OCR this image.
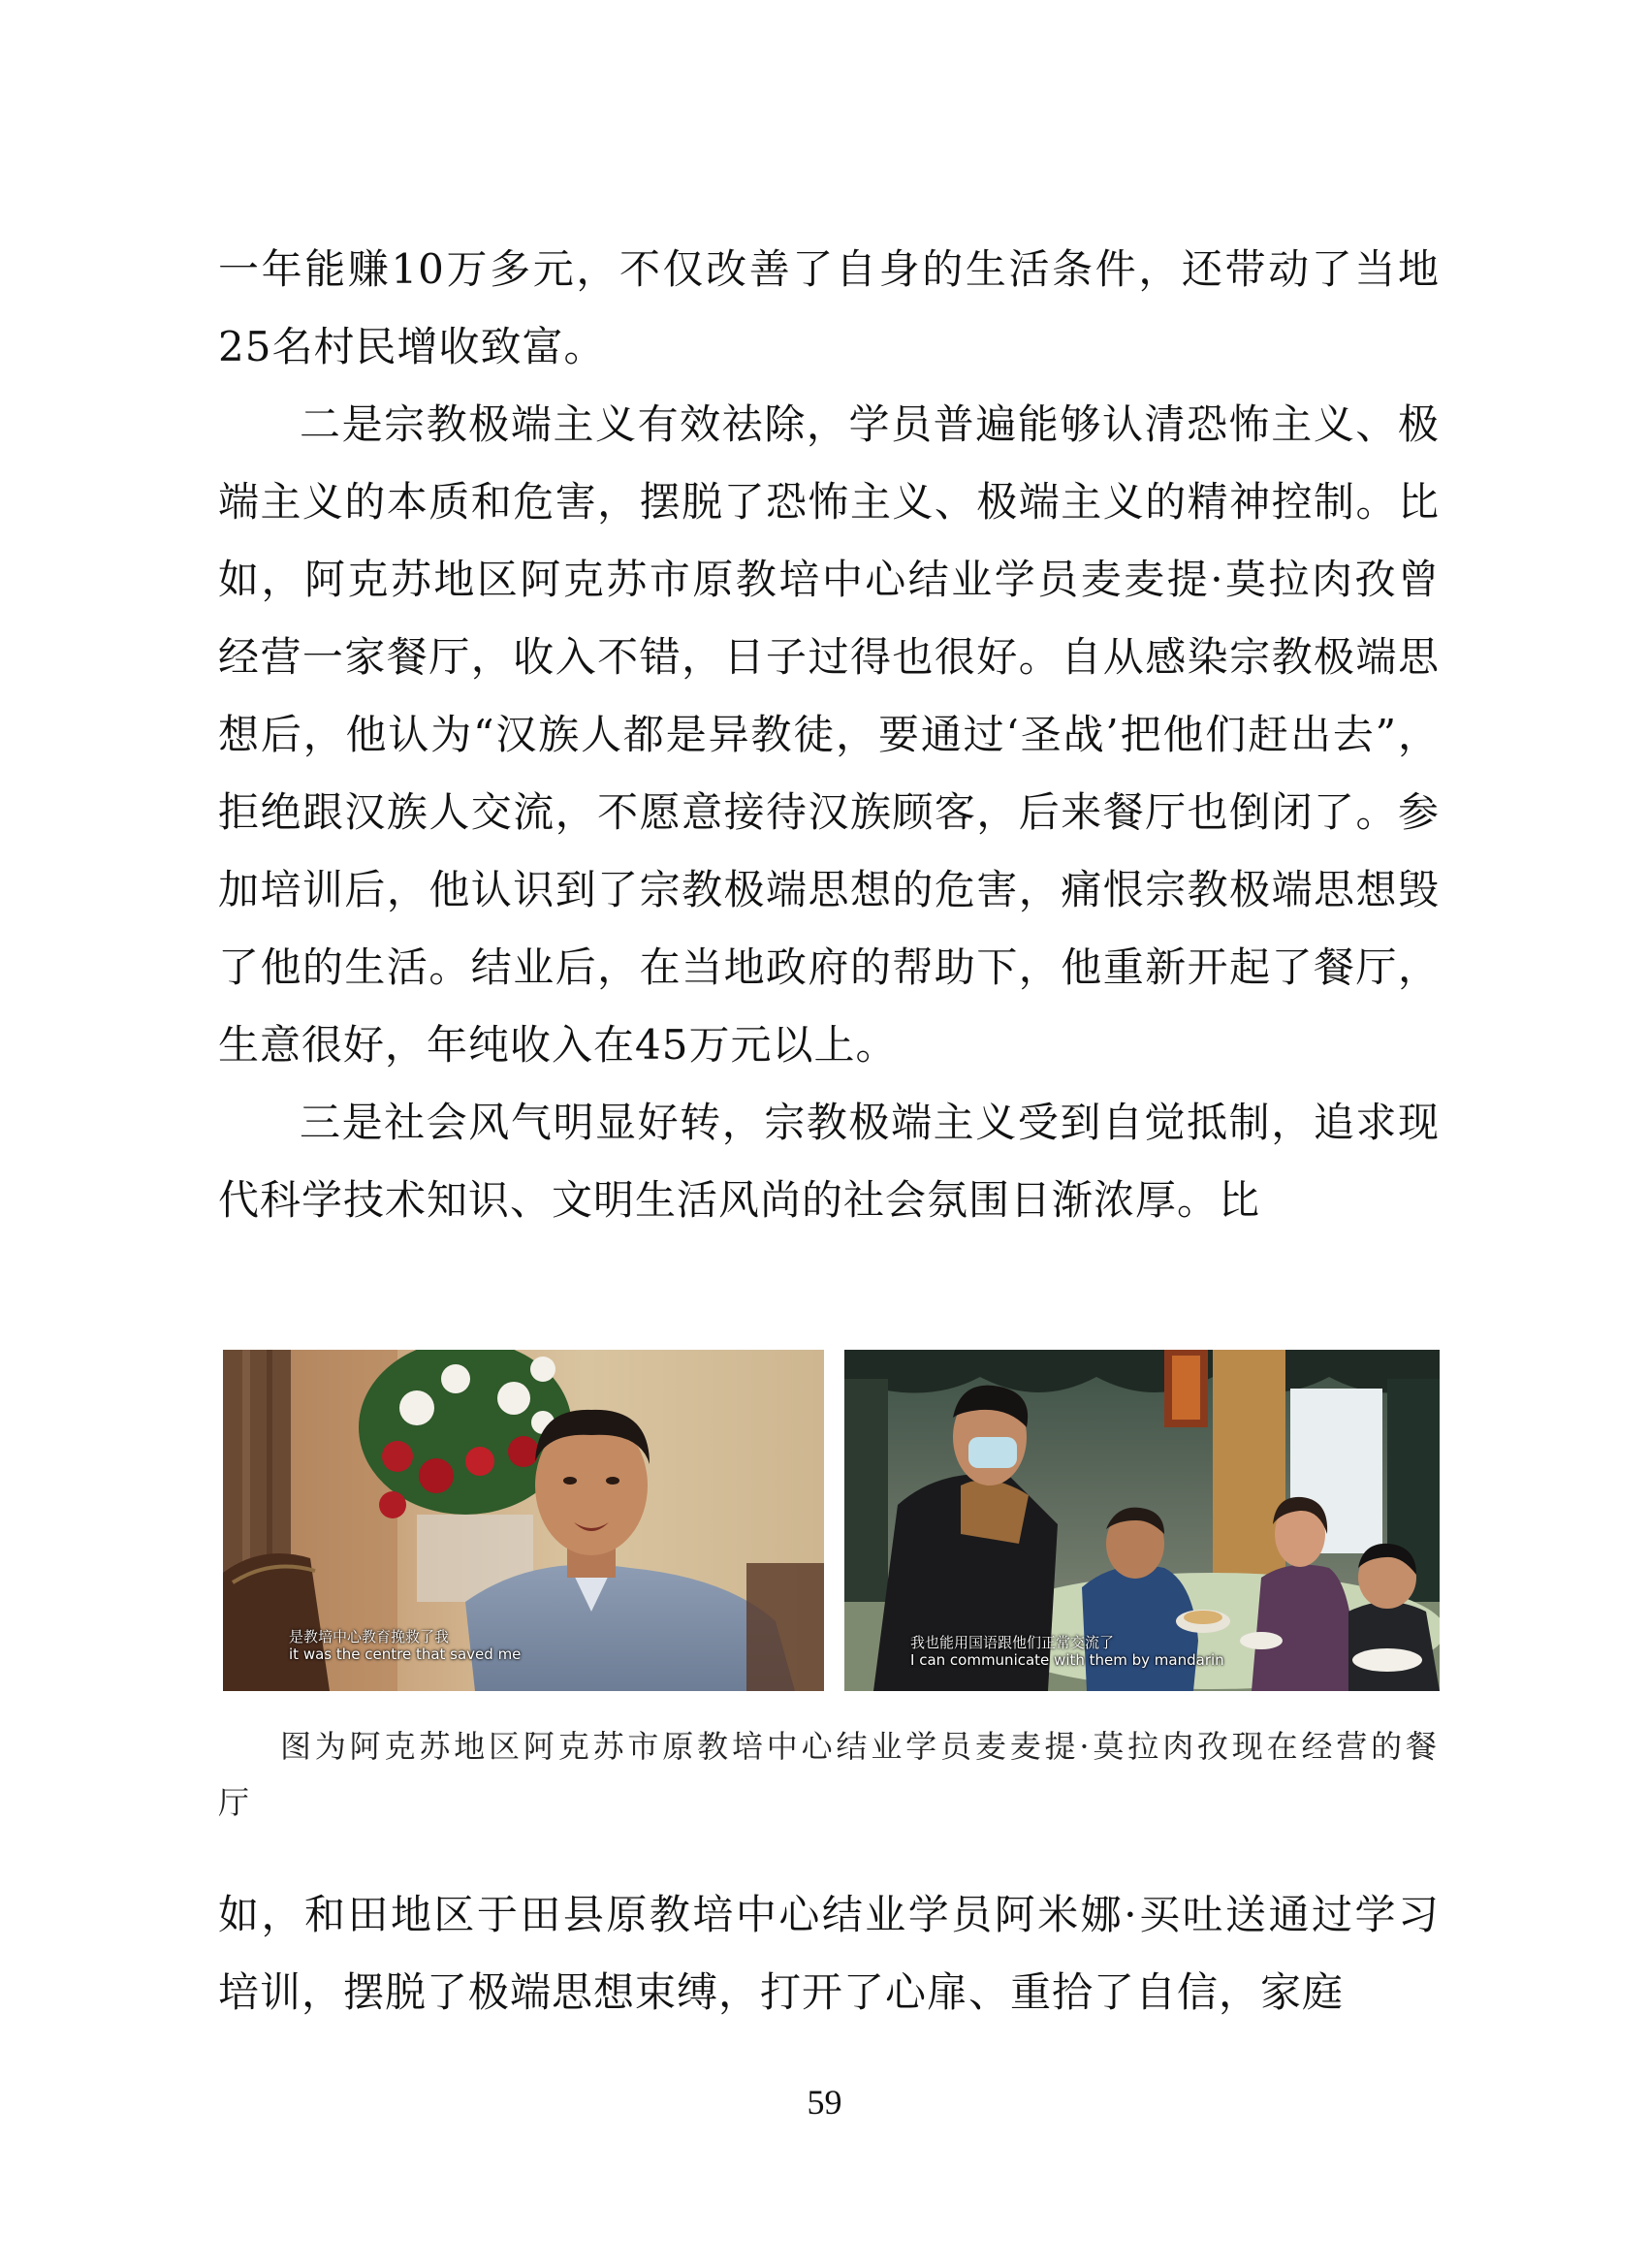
一年能赚10万多元，不仅改善了自身的生活条件，还带动了当地25名村民增收致富。

二是宗教极端主义有效祛除，学员普遍能够认清恐怖主义、极端主义的本质和危害，摆脱了恐怖主义、极端主义的精神控制。比如，阿克苏地区阿克苏市原教培中心结业学员麦麦提·莫拉肉孜曾经营一家餐厅，收入不错，日子过得也很好。自从感染宗教极端思想后，他认为“汉族人都是异教徒，要通过‘圣战’把他们赶出去”，拒绝跟汉族人交流，不愿意接待汉族顾客，后来餐厅也倒闭了。参加培训后，他认识到了宗教极端思想的危害，痛恨宗教极端思想毁了他的生活。结业后，在当地政府的帮助下，他重新开起了餐厅，生意很好，年纯收入在45万元以上。

三是社会风气明显好转，宗教极端主义受到自觉抵制，追求现代科学技术知识、文明生活风尚的社会氛围日渐浓厚。比

是教培中心教育挽救了我
it was the centre that saved me
我也能用国语跟他们正常交流了
I can communicate with them by mandarin
图为阿克苏地区阿克苏市原教培中心结业学员麦麦提·莫拉肉孜现在经营的餐厅

如，和田地区于田县原教培中心结业学员阿米娜·买吐送通过学习培训，摆脱了极端思想束缚，打开了心扉、重拾了自信，家庭

59
